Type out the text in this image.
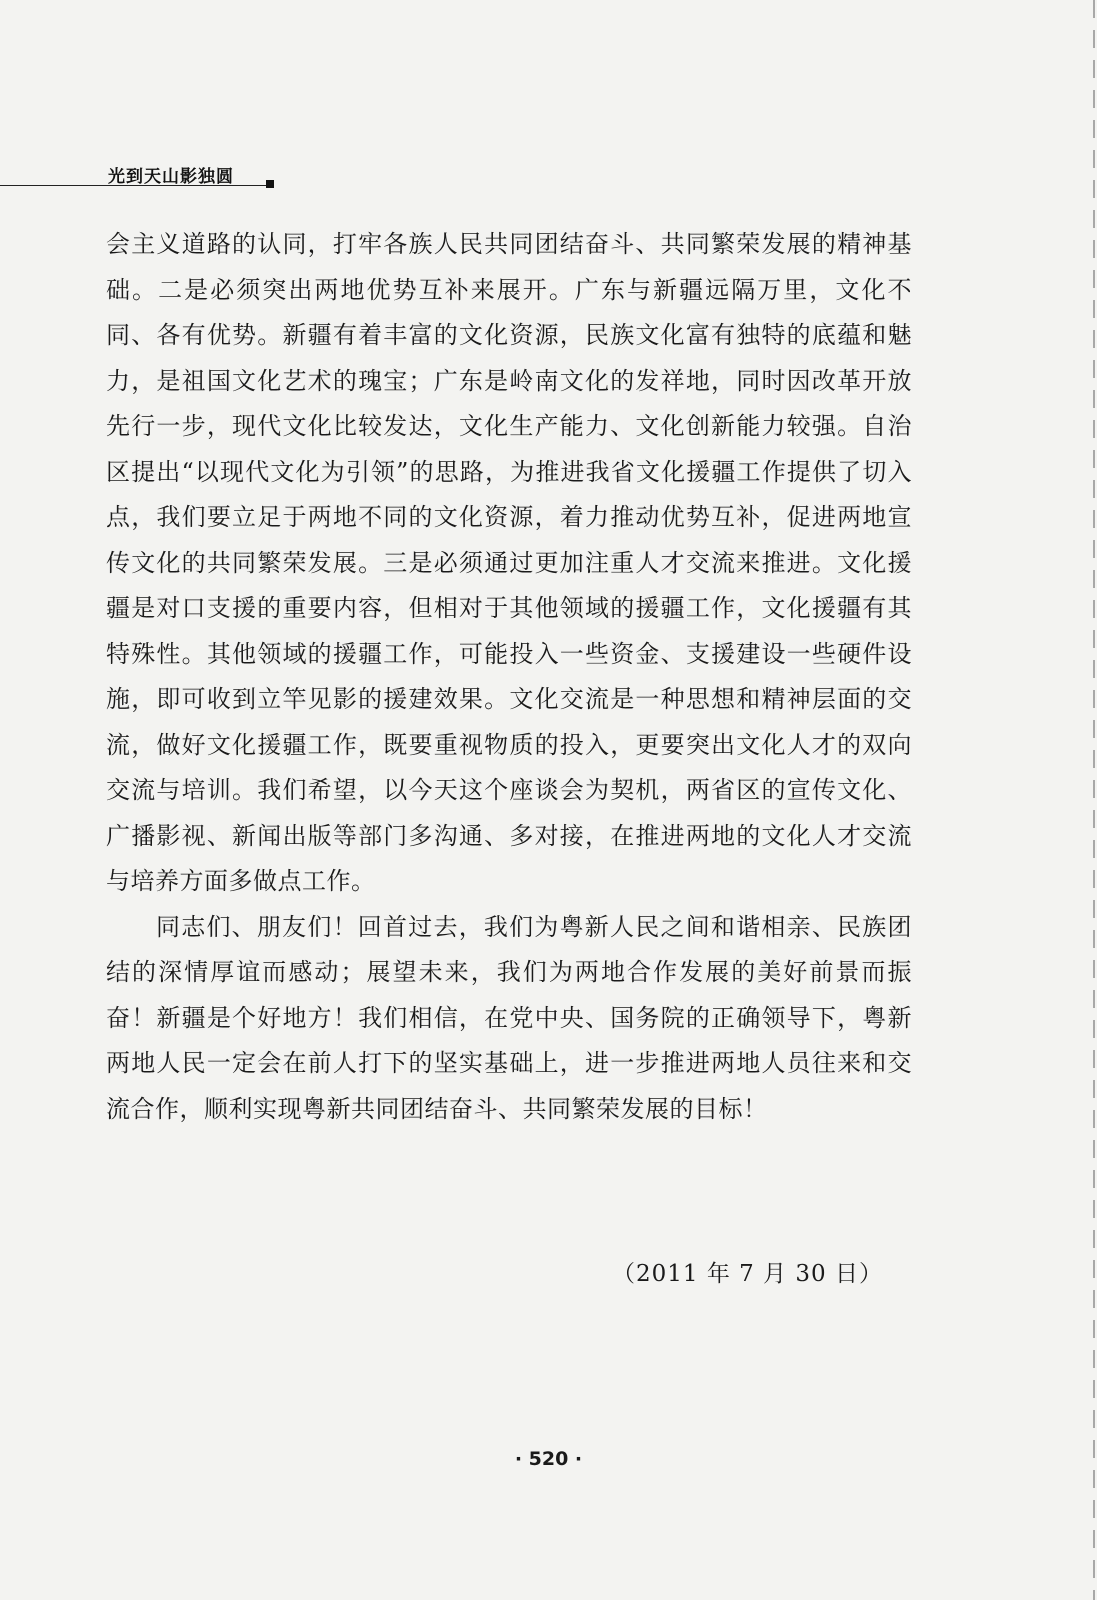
光到天山影独圆

会主义道路的认同，打牢各族人民共同团结奋斗、共同繁荣发展的精神基础。二是必须突出两地优势互补来展开。广东与新疆远隔万里，文化不同、各有优势。新疆有着丰富的文化资源，民族文化富有独特的底蕴和魅力，是祖国文化艺术的瑰宝；广东是岭南文化的发祥地，同时因改革开放先行一步，现代文化比较发达，文化生产能力、文化创新能力较强。自治区提出“以现代文化为引领”的思路，为推进我省文化援疆工作提供了切入点，我们要立足于两地不同的文化资源，着力推动优势互补，促进两地宣传文化的共同繁荣发展。三是必须通过更加注重人才交流来推进。文化援疆是对口支援的重要内容，但相对于其他领域的援疆工作，文化援疆有其特殊性。其他领域的援疆工作，可能投入一些资金、支援建设一些硬件设施，即可收到立竿见影的援建效果。文化交流是一种思想和精神层面的交流，做好文化援疆工作，既要重视物质的投入，更要突出文化人才的双向交流与培训。我们希望，以今天这个座谈会为契机，两省区的宣传文化、广播影视、新闻出版等部门多沟通、多对接，在推进两地的文化人才交流与培养方面多做点工作。

同志们、朋友们！回首过去，我们为粤新人民之间和谐相亲、民族团结的深情厚谊而感动；展望未来，我们为两地合作发展的美好前景而振奋！新疆是个好地方！我们相信，在党中央、国务院的正确领导下，粤新两地人民一定会在前人打下的坚实基础上，进一步推进两地人员往来和交流合作，顺利实现粤新共同团结奋斗、共同繁荣发展的目标！

（2011 年 7 月 30 日）
· 520 ·
